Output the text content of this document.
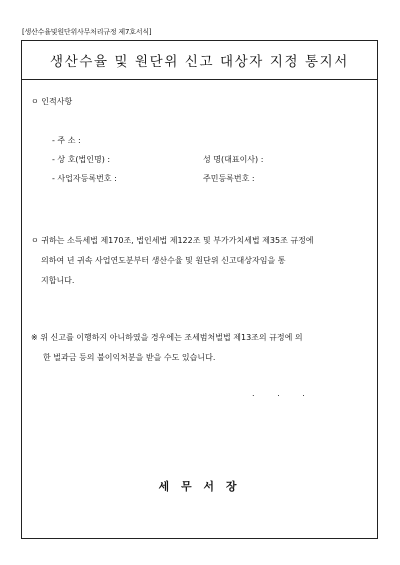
[생산수율및원단위사무처리규정 제7호서식]
생산수율 및 원단위 신고 대상자 지정 통지서
ㅇ 인적사항
- 주 소 :
- 상 호(법인명) :	성 명(대표이사) :
- 사업자등록번호 :	주민등록번호 :
ㅇ 귀하는 소득세법 제170조, 법인세법 제122조 및 부가가치세법 제35조 규정에
의하여 년 귀속 사업연도분부터 생산수율 및 원단위 신고대상자임을 통
지합니다.
※ 위 신고를 이행하지 아니하였을 경우에는 조세범처벌법 제13조의 규정에 의
한 벌과금 등의 불이익처분을 받을 수도 있습니다.
. . .
세 무 서 장
